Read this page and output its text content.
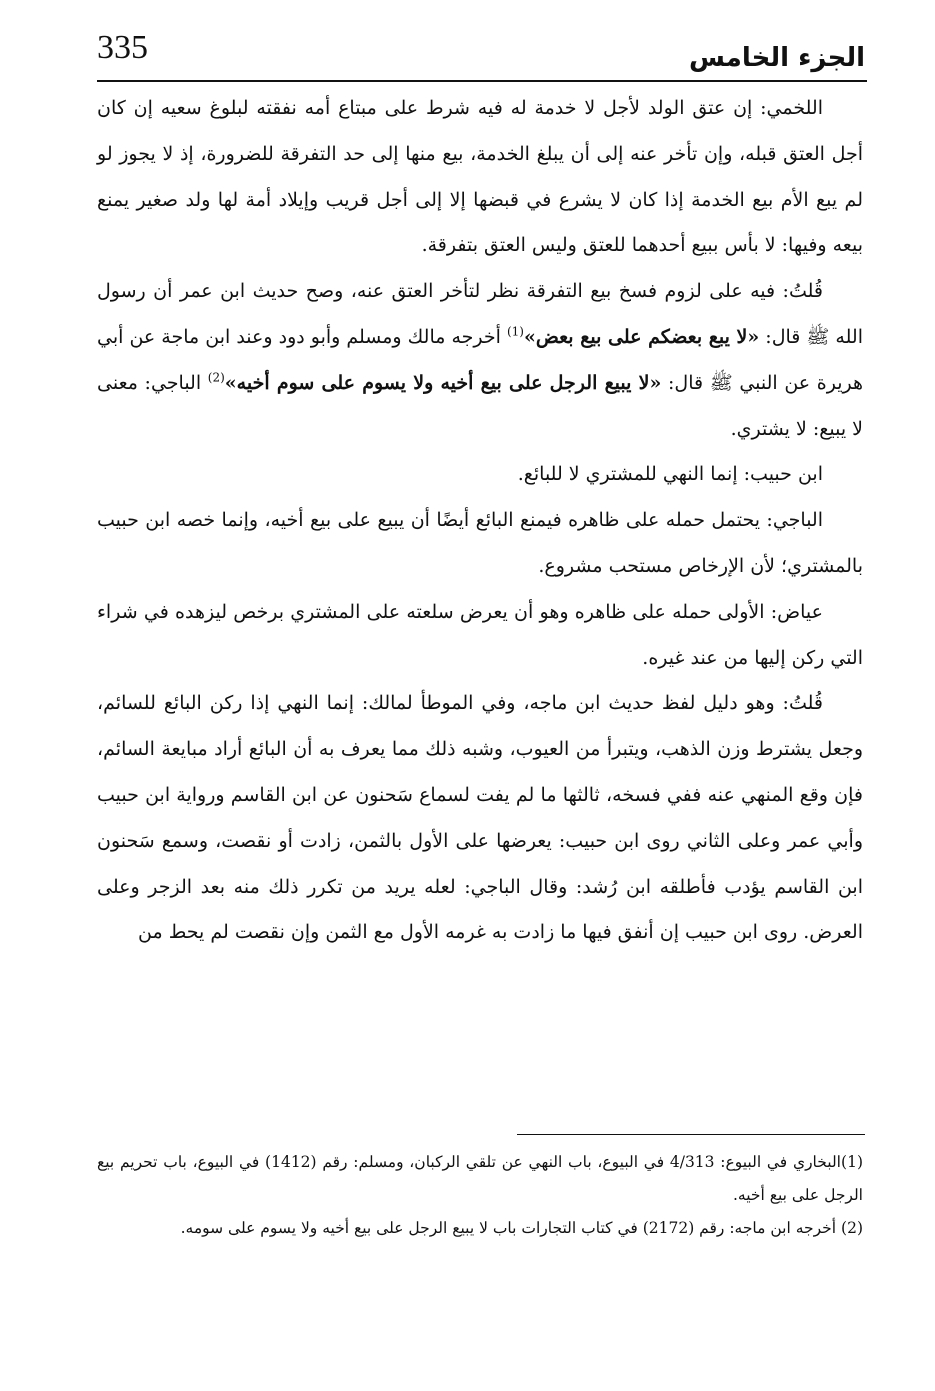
335	الجزء الخامس

اللخمي: إن عتق الولد لأجل لا خدمة له فيه شرط على مبتاع أمه نفقته لبلوغ سعيه إن كان أجل العتق قبله، وإن تأخر عنه إلى أن يبلغ الخدمة، بيع منها إلى حد التفرقة للضرورة، إذ لا يجوز لو لم يبع الأم بيع الخدمة إذا كان لا يشرع في قبضها إلا إلى أجل قريب وإيلاد أمة لها ولد صغير يمنع بيعه وفيها: لا بأس ببيع أحدهما للعتق وليس العتق بتفرقة.

قُلتُ: فيه على لزوم فسخ بيع التفرقة نظر لتأخر العتق عنه، وصح حديث ابن عمر أن رسول الله ﷺ قال: «لا يبع بعضكم على بيع بعض»$^{(1)}$ أخرجه مالك ومسلم وأبو دود وعند ابن ماجة عن أبي هريرة عن النبي ﷺ قال: «لا يبيع الرجل على بيع أخيه ولا يسوم على سوم أخيه»$^{(2)}$ الباجي: معنى لا يبيع: لا يشتري.

ابن حبيب: إنما النهي للمشتري لا للبائع.

الباجي: يحتمل حمله على ظاهره فيمنع البائع أيضًا أن يبيع على بيع أخيه، وإنما خصه ابن حبيب بالمشتري؛ لأن الإرخاص مستحب مشروع.

عياض: الأولى حمله على ظاهره وهو أن يعرض سلعته على المشتري برخص ليزهده في شراء التي ركن إليها من عند غيره.

قُلتُ: وهو دليل لفظ حديث ابن ماجه، وفي الموطأ لمالك: إنما النهي إذا ركن البائع للسائم، وجعل يشترط وزن الذهب، ويتبرأ من العيوب، وشبه ذلك مما يعرف به أن البائع أراد مبايعة السائم، فإن وقع المنهي عنه ففي فسخه، ثالثها ما لم يفت لسماع سَحنون عن ابن القاسم ورواية ابن حبيب وأبي عمر وعلى الثاني روى ابن حبيب: يعرضها على الأول بالثمن، زادت أو نقصت، وسمع سَحنون ابن القاسم يؤدب فأطلقه ابن رُشد: وقال الباجي: لعله يريد من تكرر ذلك منه بعد الزجر وعلى العرض. روى ابن حبيب إن أنفق فيها ما زادت به غرمه الأول مع الثمن وإن نقصت لم يحط من

(1)البخاري في البيوع: 4/313 في البيوع، باب النهي عن تلقي الركبان، ومسلم: رقم (1412) في البيوع، باب تحريم بيع الرجل على بيع أخيه.

(2) أخرجه ابن ماجه: رقم (2172) في كتاب التجارات باب لا يبيع الرجل على بيع أخيه ولا يسوم على سومه.
